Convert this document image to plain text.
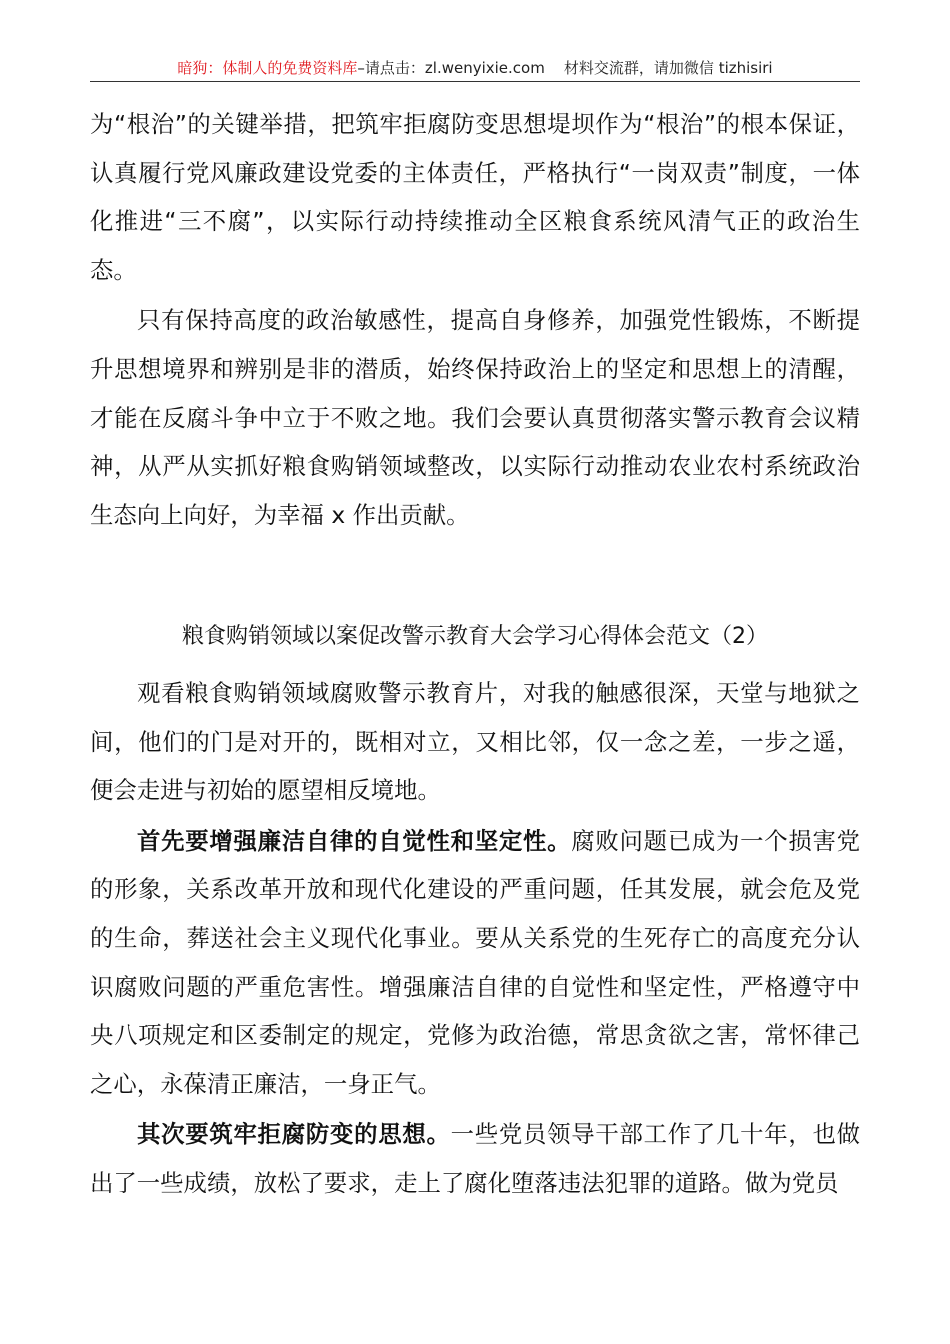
暗狗：体制人的免费资料库–请点击：zl.wenyixie.com 材料交流群，请加微信 tizhisiri

为“根治”的关键举措，把筑牢拒腐防变思想堤坝作为“根治”的根本保证，认真履行党风廉政建设党委的主体责任，严格执行“一岗双责”制度，一体化推进“三不腐”，以实际行动持续推动全区粮食系统风清气正的政治生态。

只有保持高度的政治敏感性，提高自身修养，加强党性锻炼，不断提升思想境界和辨别是非的潜质，始终保持政治上的坚定和思想上的清醒，才能在反腐斗争中立于不败之地。我们会要认真贯彻落实警示教育会议精神，从严从实抓好粮食购销领域整改，以实际行动推动农业农村系统政治生态向上向好，为幸福 x 作出贡献。

粮食购销领域以案促改警示教育大会学习心得体会范文（2）

观看粮食购销领域腐败警示教育片，对我的触感很深，天堂与地狱之间，他们的门是对开的，既相对立，又相比邻，仅一念之差，一步之遥，便会走进与初始的愿望相反境地。

首先要增强廉洁自律的自觉性和坚定性。腐败问题已成为一个损害党的形象，关系改革开放和现代化建设的严重问题，任其发展，就会危及党的生命，葬送社会主义现代化事业。要从关系党的生死存亡的高度充分认识腐败问题的严重危害性。增强廉洁自律的自觉性和坚定性，严格遵守中央八项规定和区委制定的规定，党修为政治德，常思贪欲之害，常怀律己之心，永葆清正廉洁，一身正气。

其次要筑牢拒腐防变的思想。一些党员领导干部工作了几十年，也做出了一些成绩，放松了要求，走上了腐化堕落违法犯罪的道路。做为党员
